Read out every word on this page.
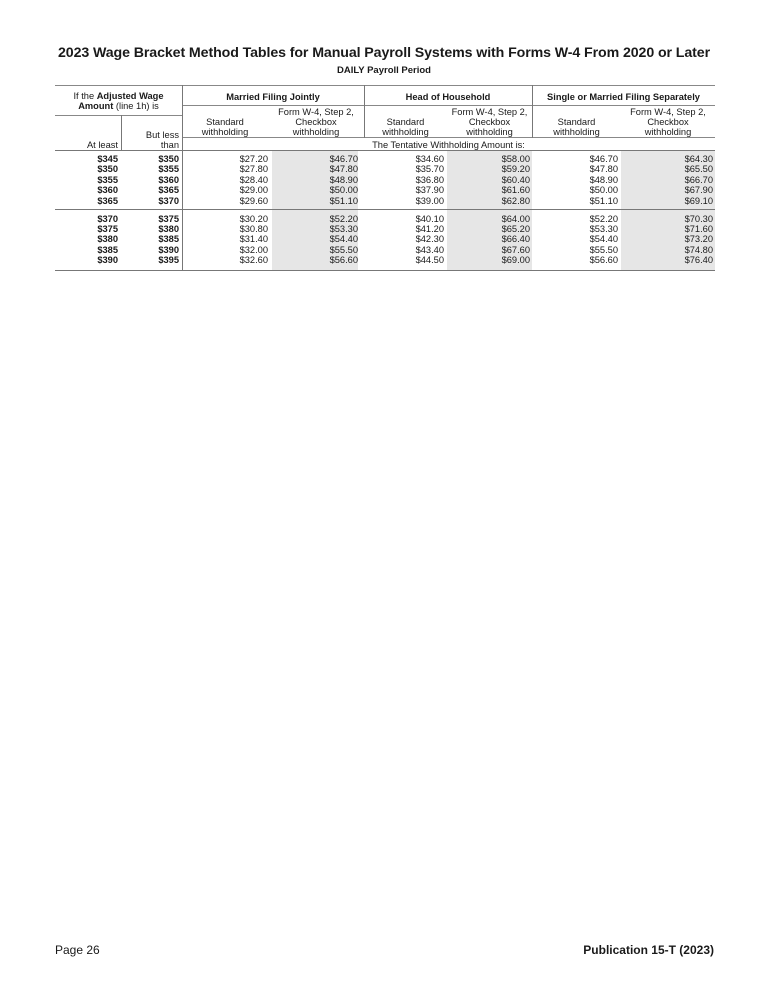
2023 Wage Bracket Method Tables for Manual Payroll Systems with Forms W-4 From 2020 or Later
DAILY Payroll Period
If the Adjusted Wage
Amount (line 1h) is
At least
But less
than
Married Filing Jointly	Head of Household	Single or Married Filing Separately
Standard
withholding
Form W-4, Step 2,
Checkbox
withholding
Standard
withholding
Form W-4, Step 2,
Checkbox
withholding
Standard
withholding
Form W-4, Step 2,
Checkbox
withholding
The Tentative Withholding Amount is:
$345	$350	$27.20	$46.70	$34.60	$58.00	$46.70	$64.30
$350	$355	$27.80	$47.80	$35.70	$59.20	$47.80	$65.50
$355	$360	$28.40	$48.90	$36.80	$60.40	$48.90	$66.70
$360	$365	$29.00	$50.00	$37.90	$61.60	$50.00	$67.90
$365	$370	$29.60	$51.10	$39.00	$62.80	$51.10	$69.10
$370	$375	$30.20	$52.20	$40.10	$64.00	$52.20	$70.30
$375	$380	$30.80	$53.30	$41.20	$65.20	$53.30	$71.60
$380	$385	$31.40	$54.40	$42.30	$66.40	$54.40	$73.20
$385	$390	$32.00	$55.50	$43.40	$67.60	$55.50	$74.80
$390	$395	$32.60	$56.60	$44.50	$69.00	$56.60	$76.40
Page 26	Publication 15-T (2023)
